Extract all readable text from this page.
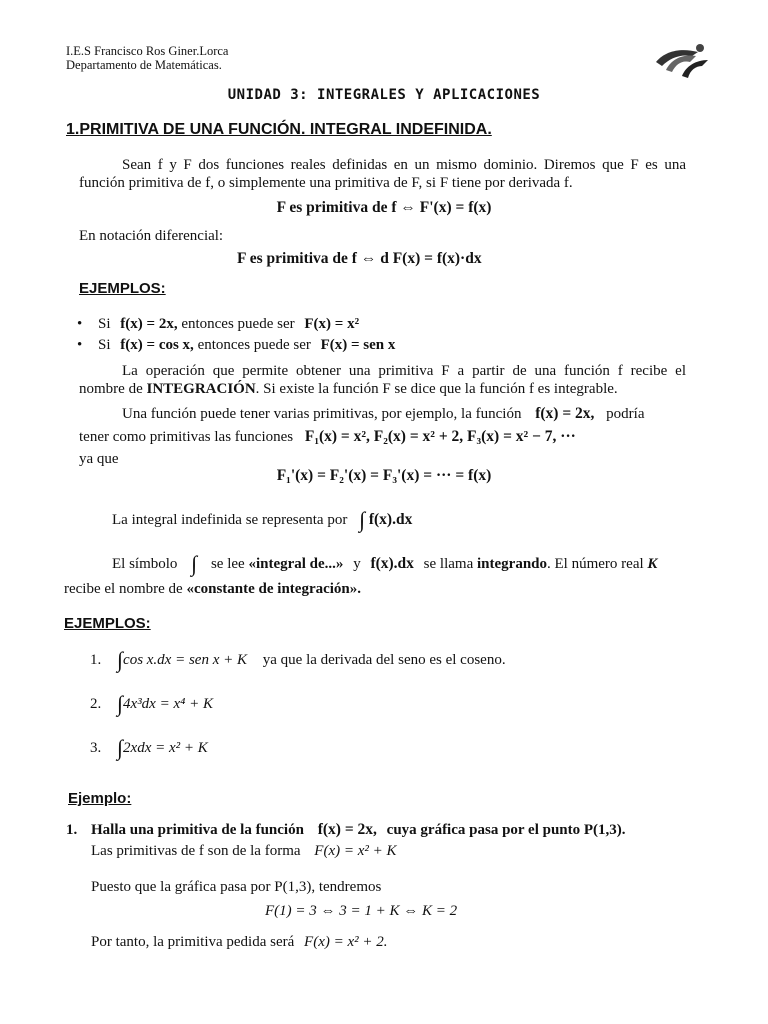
I.E.S Francisco Ros Giner.Lorca
Departamento de Matemáticas.
UNIDAD 3: INTEGRALES Y APLICACIONES
1.PRIMITIVA DE UNA FUNCIÓN. INTEGRAL INDEFINIDA.
Sean f y F dos funciones reales definidas en un mismo dominio. Diremos que F es una
función primitiva de f, o simplemente una primitiva de F, si F tiene por derivada f.
F es primitiva de f ⇔ F'(x) = f(x)
En notación diferencial:
F es primitiva de f ⇔ d F(x) = f(x)·dx
EJEMPLOS:
• Si f(x) = 2x, entonces puede ser F(x) = x²
• Si f(x) = cos x, entonces puede ser F(x) = sen x
La operación que permite obtener una primitiva F a partir de una función f recibe el
nombre de INTEGRACIÓN. Si existe la función F se dice que la función f es integrable.
Una función puede tener varias primitivas, por ejemplo, la función f(x) = 2x, podría
tener como primitivas las funciones F₁(x) = x², F₂(x) = x² + 2, F₃(x) = x² − 7, ···
ya que
F₁'(x) = F₂'(x) = F₃'(x) = ··· = f(x)
La integral indefinida se representa por ∫ f(x).dx
El símbolo ∫ se lee «integral de...» y f(x).dx se llama integrando. El número real K
recibe el nombre de «constante de integración».
EJEMPLOS:
1. ∫cos x.dx = sen x + K ya que la derivada del seno es el coseno.
2. ∫4x³dx = x⁴ + K
3. ∫2xdx = x² + K
Ejemplo:
1. Halla una primitiva de la función f(x) = 2x, cuya gráfica pasa por el punto P(1,3).
Las primitivas de f son de la forma F(x) = x² + K
Puesto que la gráfica pasa por P(1,3), tendremos
F(1) = 3 ⇔ 3 = 1 + K ⇔ K = 2
Por tanto, la primitiva pedida será F(x) = x² + 2.
